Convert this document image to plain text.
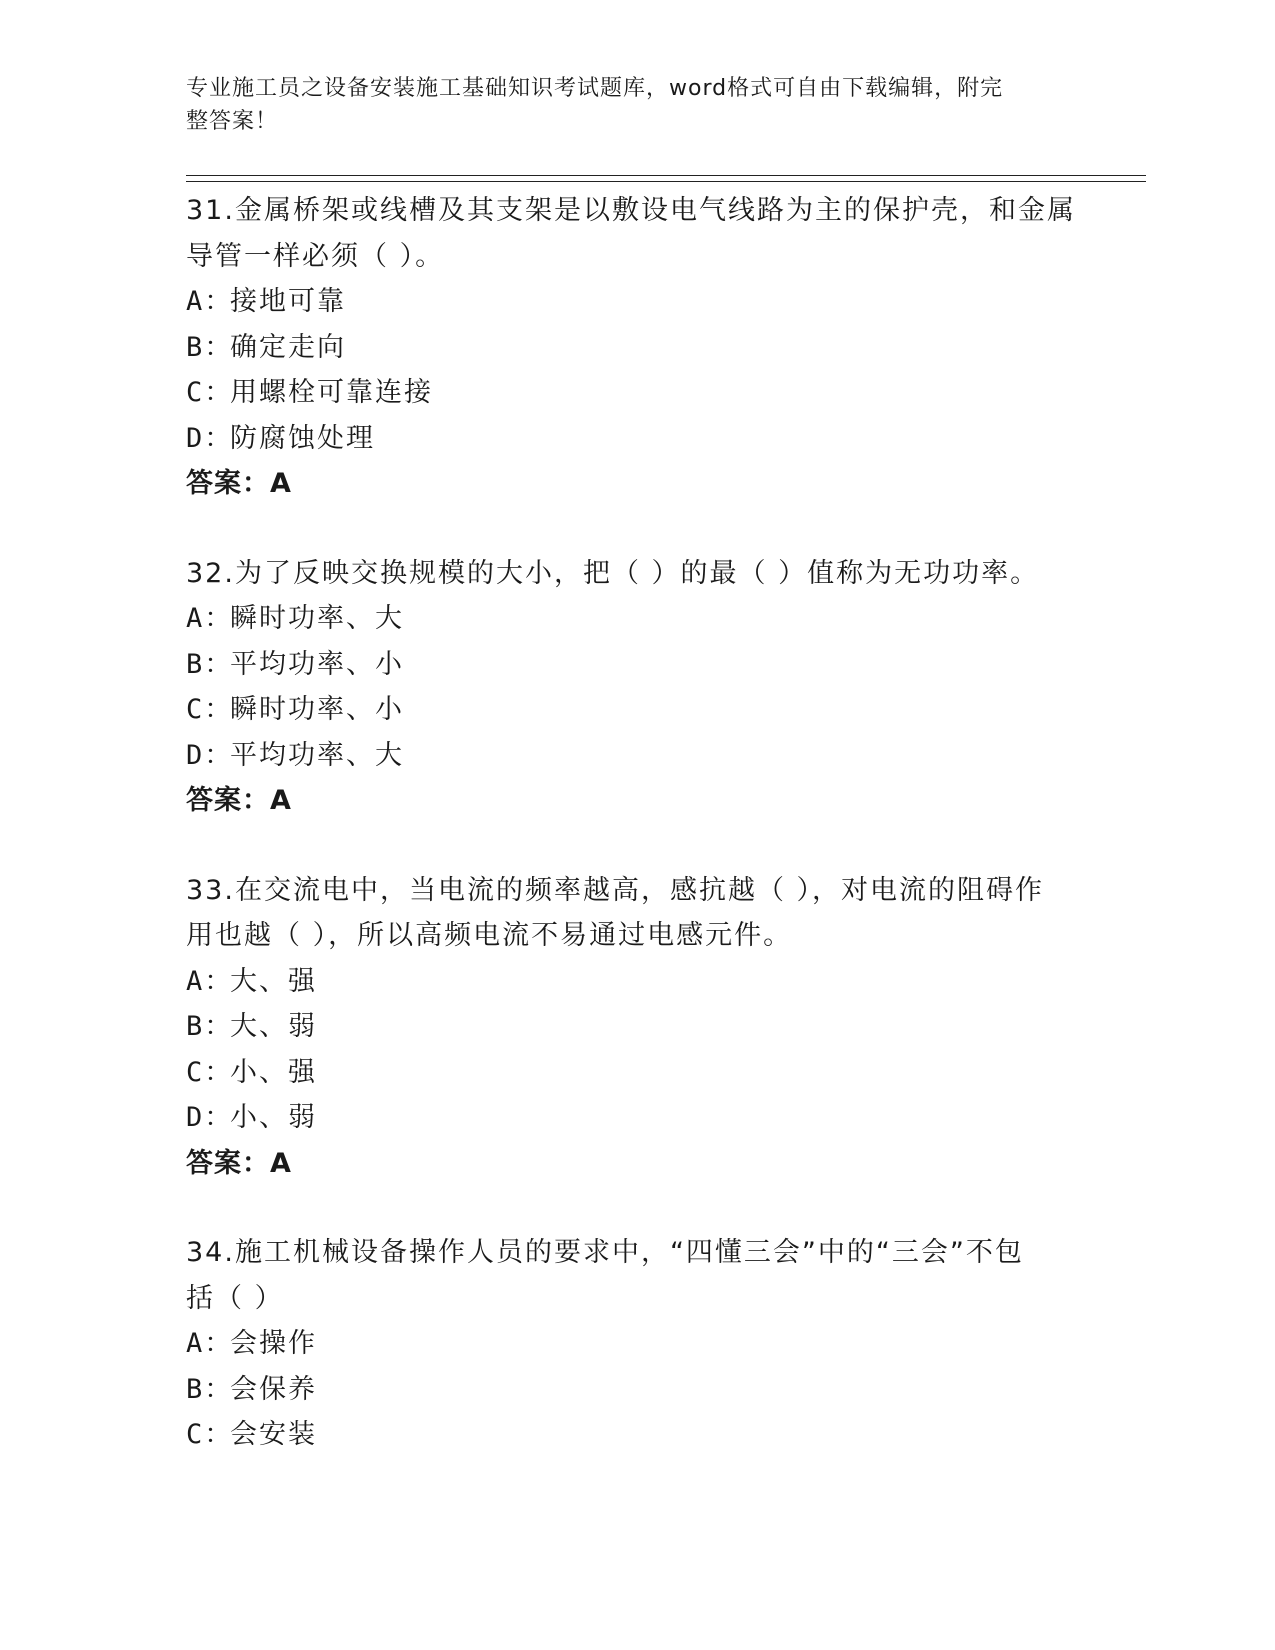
专业施工员之设备安装施工基础知识考试题库，word格式可自由下载编辑，附完
整答案！
31.金属桥架或线槽及其支架是以敷设电气线路为主的保护壳，和金属
导管一样必须（ ）。
A：接地可靠
B：确定走向
C：用螺栓可靠连接
D：防腐蚀处理
答案：A
32.为了反映交换规模的大小，把（ ）的最（ ）值称为无功功率。
A：瞬时功率、大
B：平均功率、小
C：瞬时功率、小
D：平均功率、大
答案：A
33.在交流电中，当电流的频率越高，感抗越（ ），对电流的阻碍作
用也越（ ），所以高频电流不易通过电感元件。
A：大、强
B：大、弱
C：小、强
D：小、弱
答案：A
34.施工机械设备操作人员的要求中，“四懂三会”中的“三会”不包
括（ ）
A：会操作
B：会保养
C：会安装
